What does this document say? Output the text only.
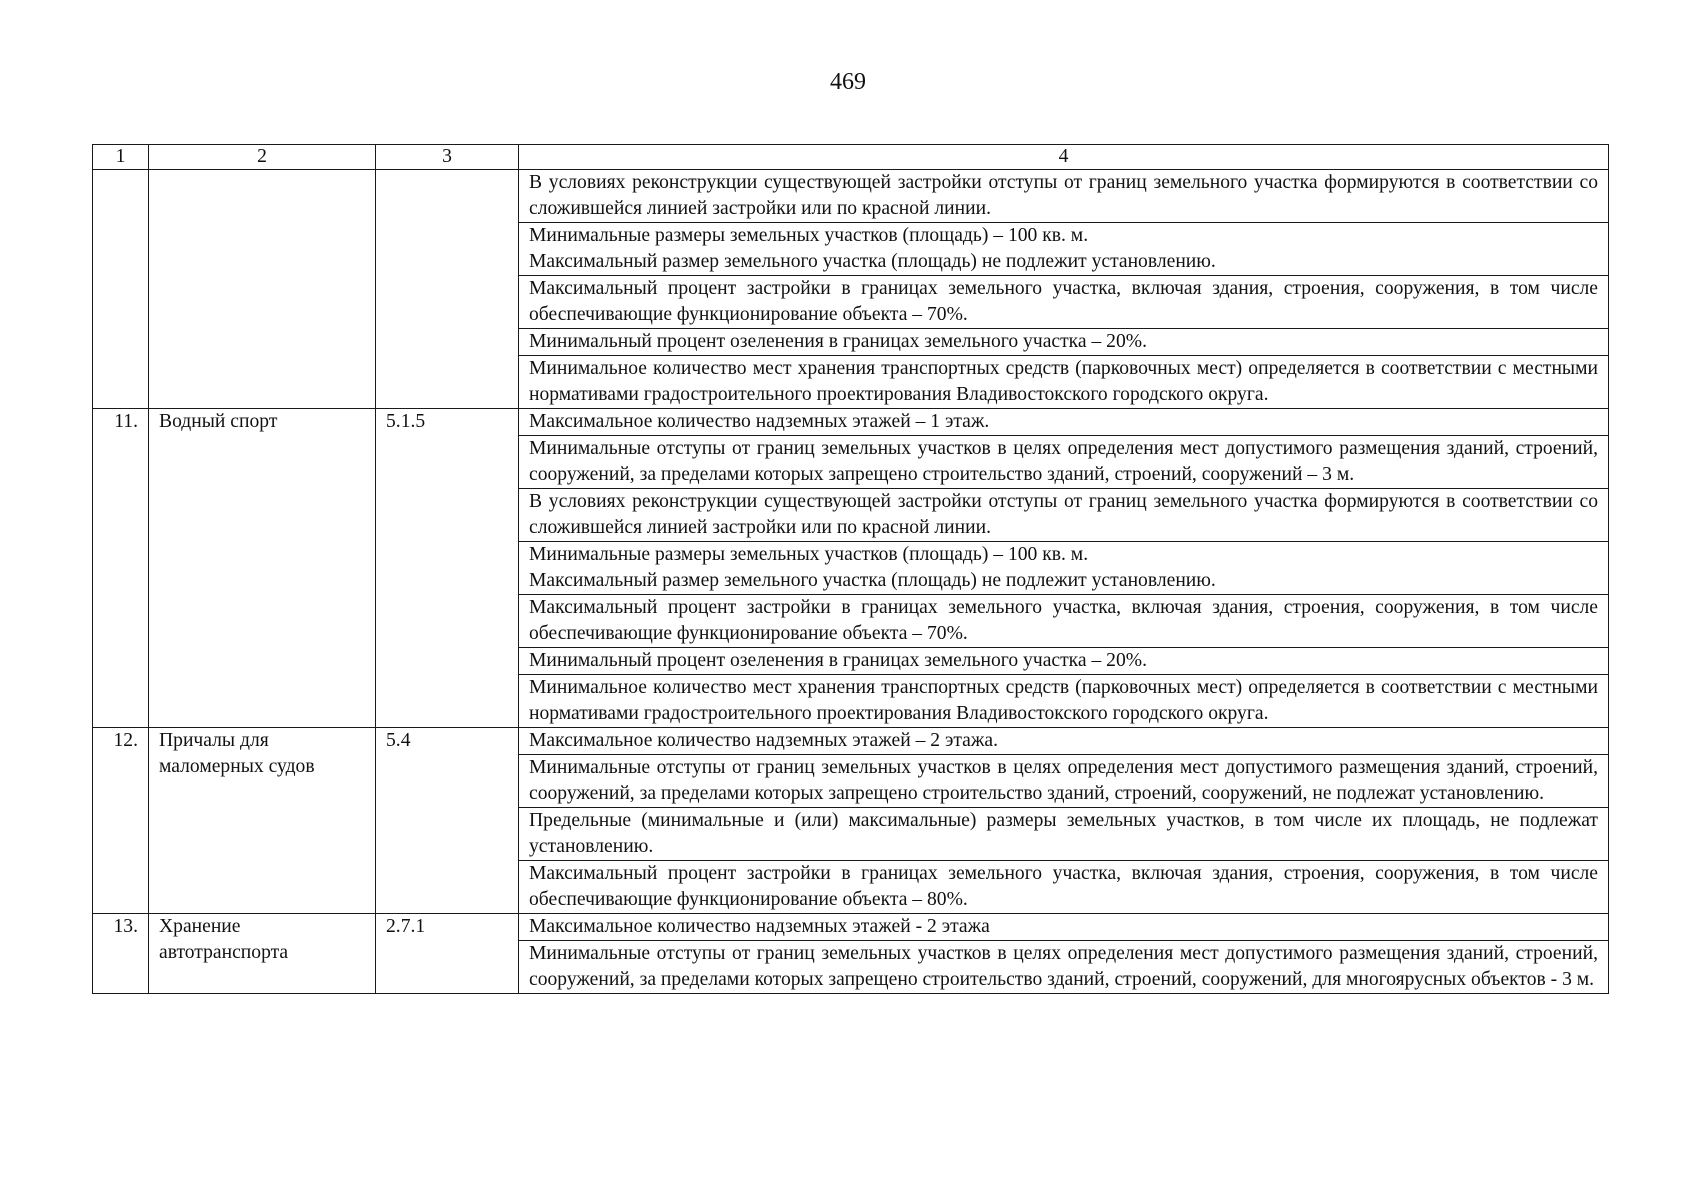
469
1	2	3	4

			В условиях реконструкции существующей застройки отступы от границ земельного участка формируются в соответствии со сложившейся линией застройки или по красной линии.

			Минимальные размеры земельных участков (площадь) – 100 кв. м.
Максимальный размер земельного участка (площадь) не подлежит установлению.

			Максимальный процент застройки в границах земельного участка, включая здания, строения, сооружения, в том числе обеспечивающие функционирование объекта – 70%.

			Минимальный процент озеленения в границах земельного участка – 20%.

			Минимальное количество мест хранения транспортных средств (парковочных мест) определяется в соответствии с местными нормативами градостроительного проектирования Владивостокского городского округа.

11.	Водный спорт	5.1.5	Максимальное количество надземных этажей – 1 этаж.

			Минимальные отступы от границ земельных участков в целях определения мест допустимого размещения зданий, строений, сооружений, за пределами которых запрещено строительство зданий, строений, сооружений – 3 м.

			В условиях реконструкции существующей застройки отступы от границ земельного участка формируются в соответствии со сложившейся линией застройки или по красной линии.

			Минимальные размеры земельных участков (площадь) – 100 кв. м.
Максимальный размер земельного участка (площадь) не подлежит установлению.

			Максимальный процент застройки в границах земельного участка, включая здания, строения, сооружения, в том числе обеспечивающие функционирование объекта – 70%.

			Минимальный процент озеленения в границах земельного участка – 20%.

			Минимальное количество мест хранения транспортных средств (парковочных мест) определяется в соответствии с местными нормативами градостроительного проектирования Владивостокского городского округа.

12.	Причалы для маломерных судов	5.4	Максимальное количество надземных этажей – 2 этажа.

			Минимальные отступы от границ земельных участков в целях определения мест допустимого размещения зданий, строений, сооружений, за пределами которых запрещено строительство зданий, строений, сооружений, не подлежат установлению.

			Предельные (минимальные и (или) максимальные) размеры земельных участков, в том числе их площадь, не подлежат установлению.

			Максимальный процент застройки в границах земельного участка, включая здания, строения, сооружения, в том числе обеспечивающие функционирование объекта – 80%.

13.	Хранение автотранспорта	2.7.1	Максимальное количество надземных этажей - 2 этажа

			Минимальные отступы от границ земельных участков в целях определения мест допустимого размещения зданий, строений, сооружений, за пределами которых запрещено строительство зданий, строений, сооружений, для многоярусных объектов - 3 м.
